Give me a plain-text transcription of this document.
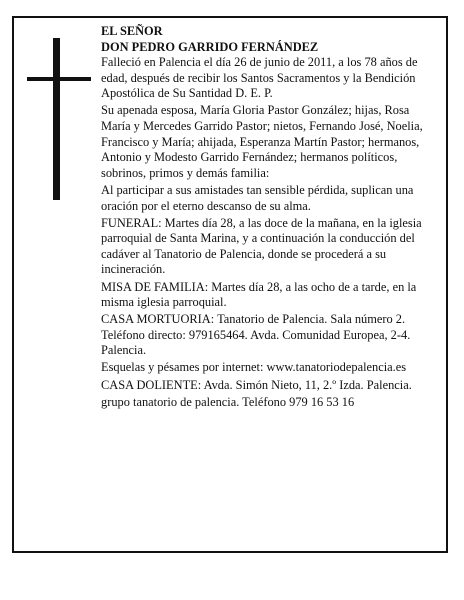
EL SEÑOR
DON PEDRO GARRIDO FERNÁNDEZ

Falleció en Palencia el día 26 de junio de 2011, a los 78 años de edad, después de recibir los Santos Sacramentos y la Bendición Apostólica de Su Santidad D. E. P.

Su apenada esposa, María Gloria Pastor González; hijas, Rosa María y Mercedes Garrido Pastor; nietos, Fernando José, Noelia, Francisco y María; ahijada, Esperanza Martín Pastor; hermanos, Antonio y Modesto Garrido Fernández; hermanos políticos, sobrinos, primos y demás familia:

Al participar a sus amistades tan sensible pérdida, suplican una oración por el eterno descanso de su alma.

FUNERAL: Martes día 28, a las doce de la mañana, en la iglesia parroquial de Santa Marina, y a continuación la conducción del cadáver al Tanatorio de Palencia, donde se procederá a su incineración.

MISA DE FAMILIA: Martes día 28, a las ocho de a tarde, en la misma iglesia parroquial.

CASA MORTUORIA: Tanatorio de Palencia. Sala número 2. Teléfono directo: 979165464. Avda. Comunidad Europea, 2-4. Palencia.

Esquelas y pésames por internet: www.tanatoriodepalencia.es

CASA DOLIENTE: Avda. Simón Nieto, 11, 2.º Izda. Palencia.

grupo tanatorio de palencia. Teléfono 979 16 53 16
